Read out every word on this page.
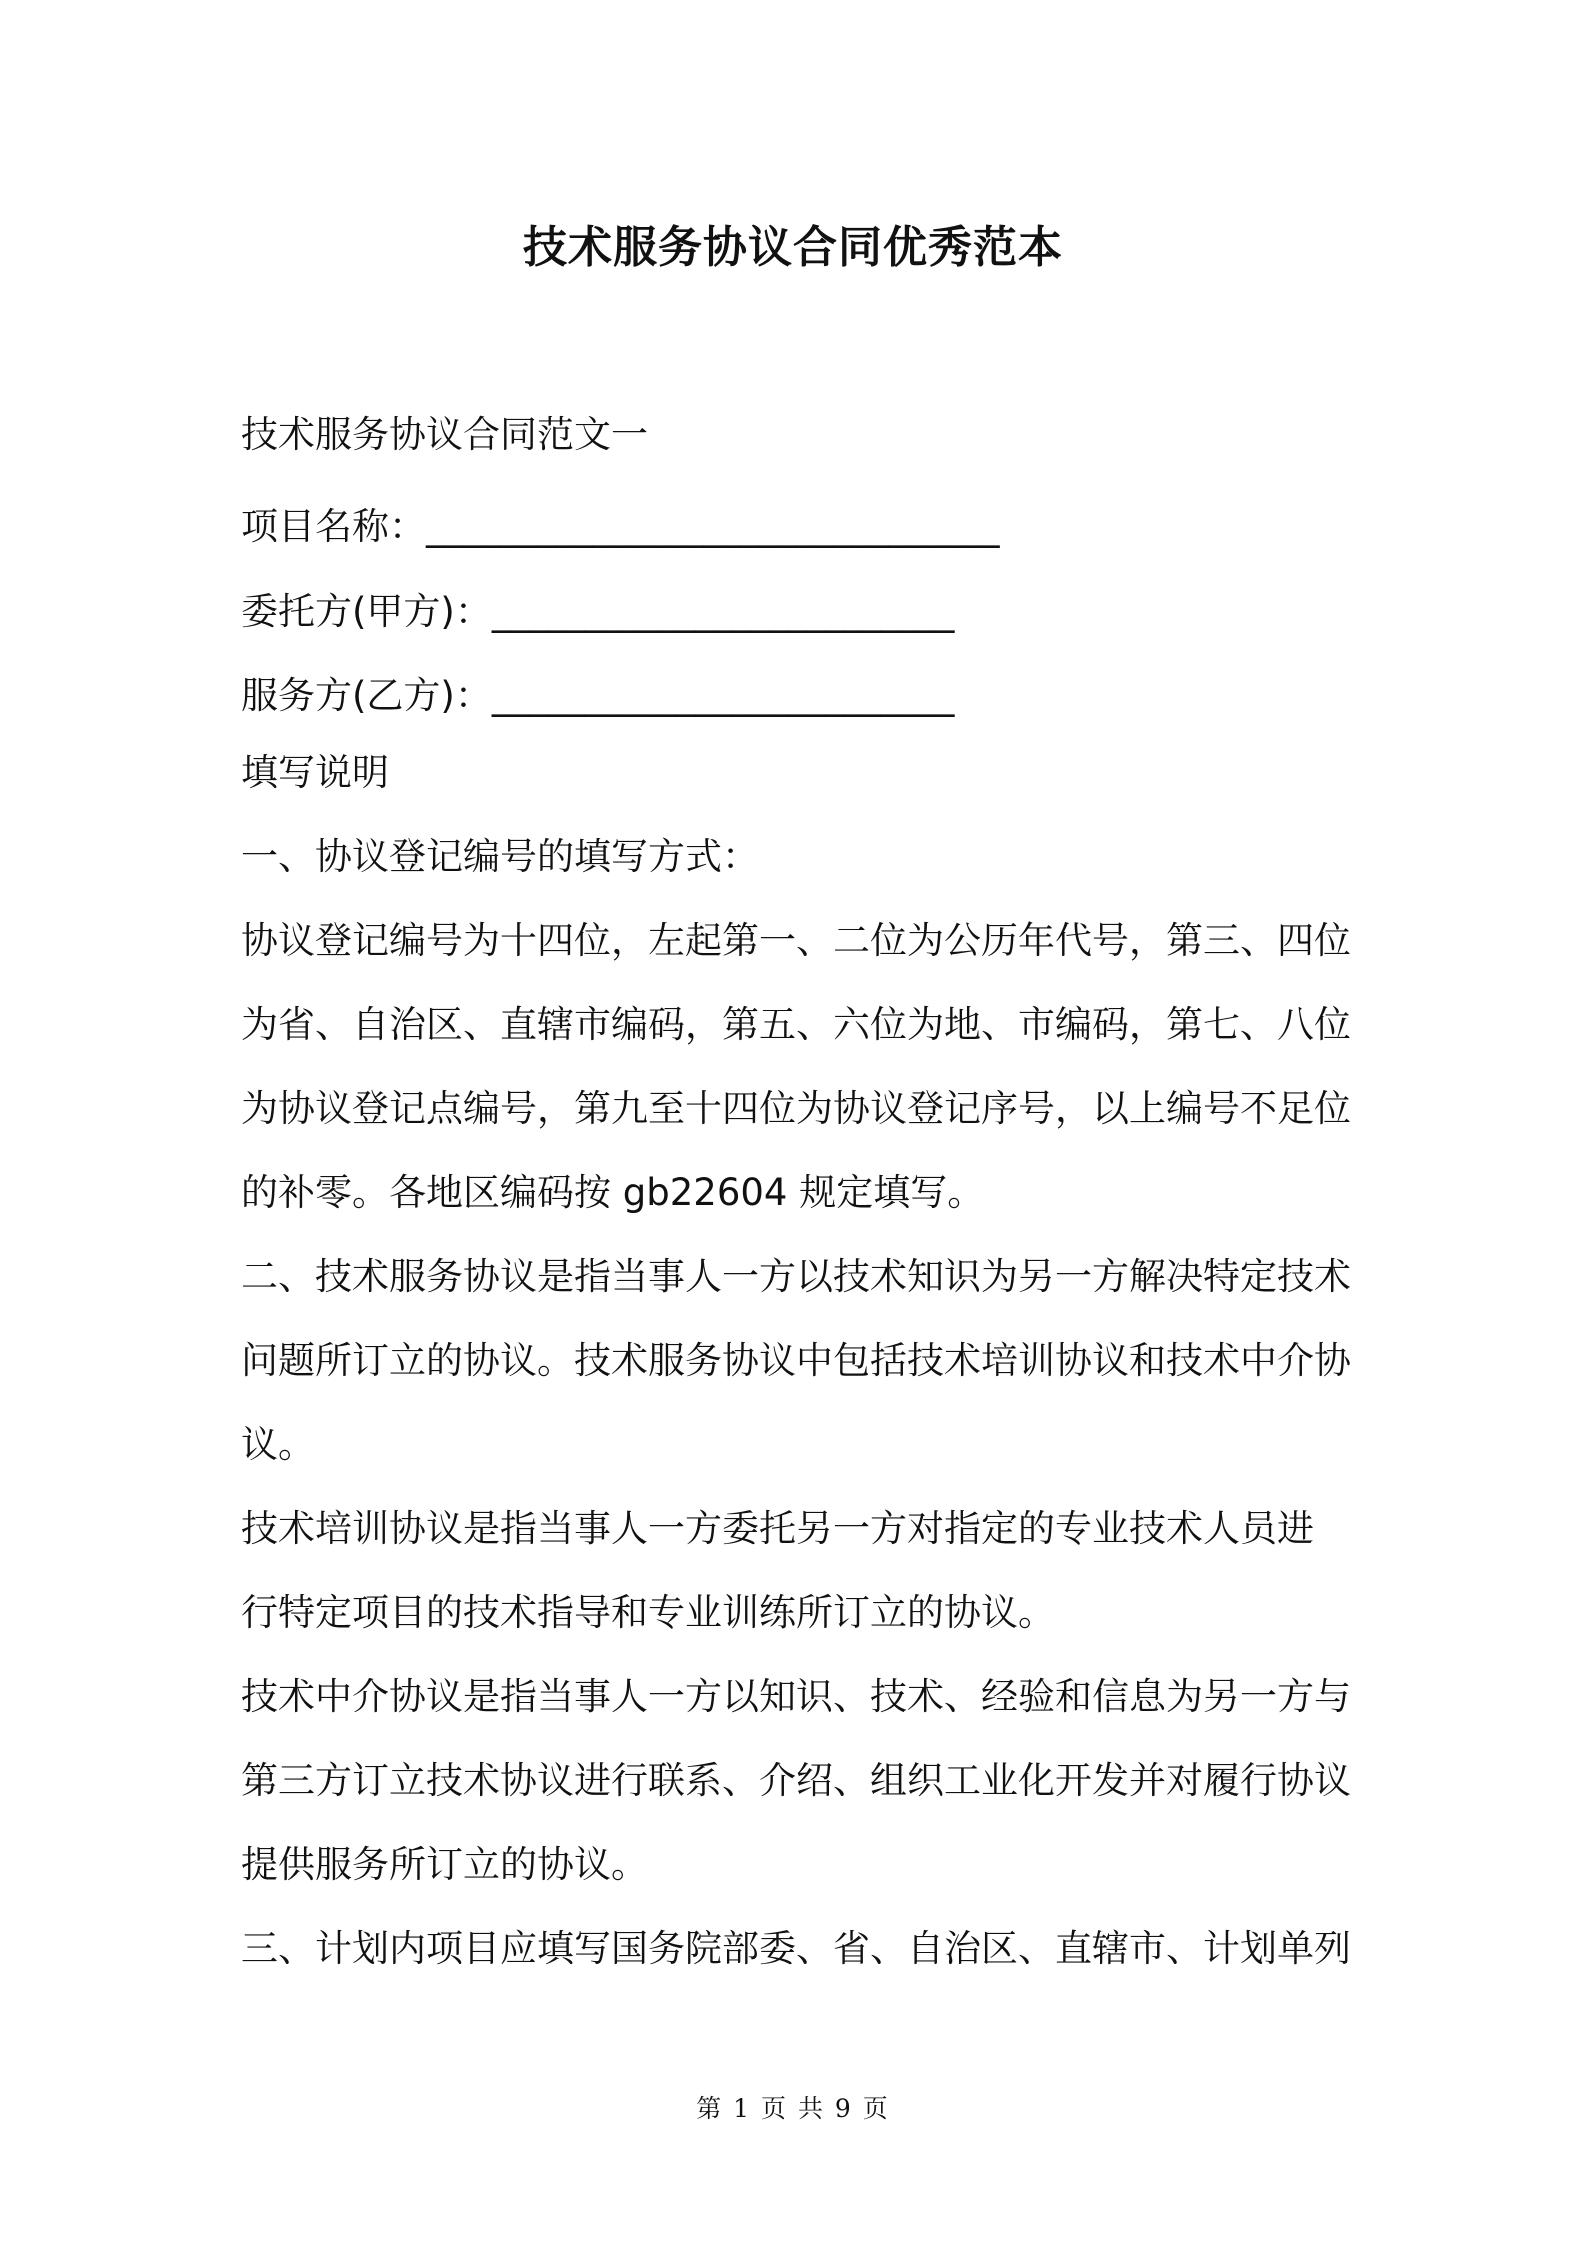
技术服务协议合同优秀范本
技术服务协议合同范文一
项目名称：_______________________________
委托方(甲方)：_________________________
服务方(乙方)：_________________________
填写说明
一、协议登记编号的填写方式：
协议登记编号为十四位，左起第一、二位为公历年代号，第三、四位
为省、自治区、直辖市编码，第五、六位为地、市编码，第七、八位
为协议登记点编号，第九至十四位为协议登记序号，以上编号不足位
的补零。各地区编码按 gb22604 规定填写。
二、技术服务协议是指当事人一方以技术知识为另一方解决特定技术
问题所订立的协议。技术服务协议中包括技术培训协议和技术中介协
议。
技术培训协议是指当事人一方委托另一方对指定的专业技术人员进
行特定项目的技术指导和专业训练所订立的协议。
技术中介协议是指当事人一方以知识、技术、经验和信息为另一方与
第三方订立技术协议进行联系、介绍、组织工业化开发并对履行协议
提供服务所订立的协议。
三、计划内项目应填写国务院部委、省、自治区、直辖市、计划单列
第 1 页 共 9 页
